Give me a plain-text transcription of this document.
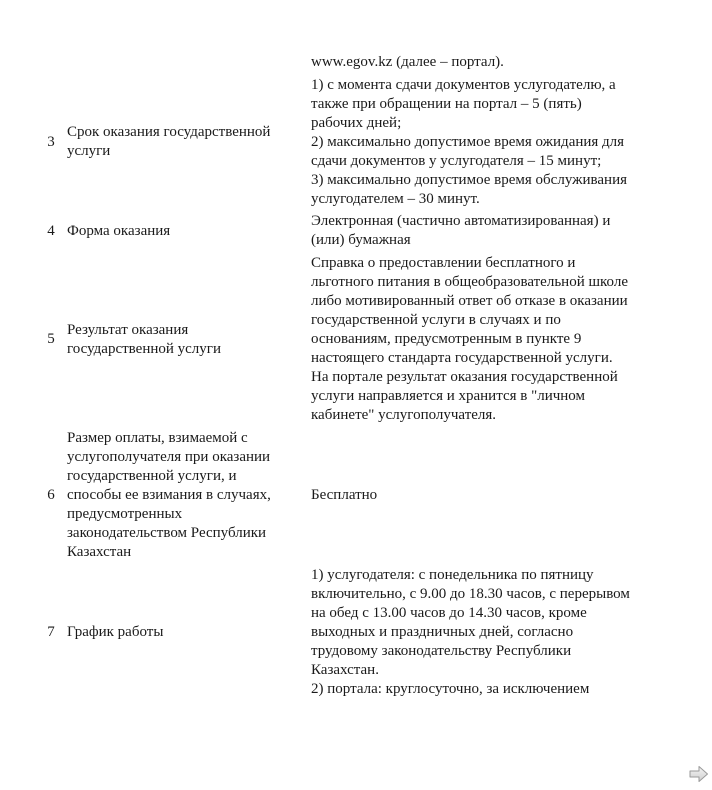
www.egov.kz (далее – портал).
3
Срок оказания государственной
услуги
1) с момента сдачи документов услугодателю, а
также при обращении на портал – 5 (пять)
рабочих дней;
2) максимально допустимое время ожидания для
сдачи документов у услугодателя – 15 минут;
3) максимально допустимое время обслуживания
услугодателем – 30 минут.
4 Форма оказания
Электронная (частично автоматизированная) и
(или) бумажная
5
Результат оказания
государственной услуги
Справка о предоставлении бесплатного и
льготного питания в общеобразовательной школе
либо мотивированный ответ об отказе в оказании
государственной услуги в случаях и по
основаниям, предусмотренным в пункте 9
настоящего стандарта государственной услуги.
На портале результат оказания государственной
услуги направляется и хранится в "личном
кабинете" услугополучателя.
6
Размер оплаты, взимаемой с
услугополучателя при оказании
государственной услуги, и
способы ее взимания в случаях,
предусмотренных
законодательством Республики
Казахстан
Бесплатно
7 График работы
1) услугодателя: с понедельника по пятницу
включительно, с 9.00 до 18.30 часов, с перерывом
на обед с 13.00 часов до 14.30 часов, кроме
выходных и праздничных дней, согласно
трудовому законодательству Республики
Казахстан.
2) портала: круглосуточно, за исключением
